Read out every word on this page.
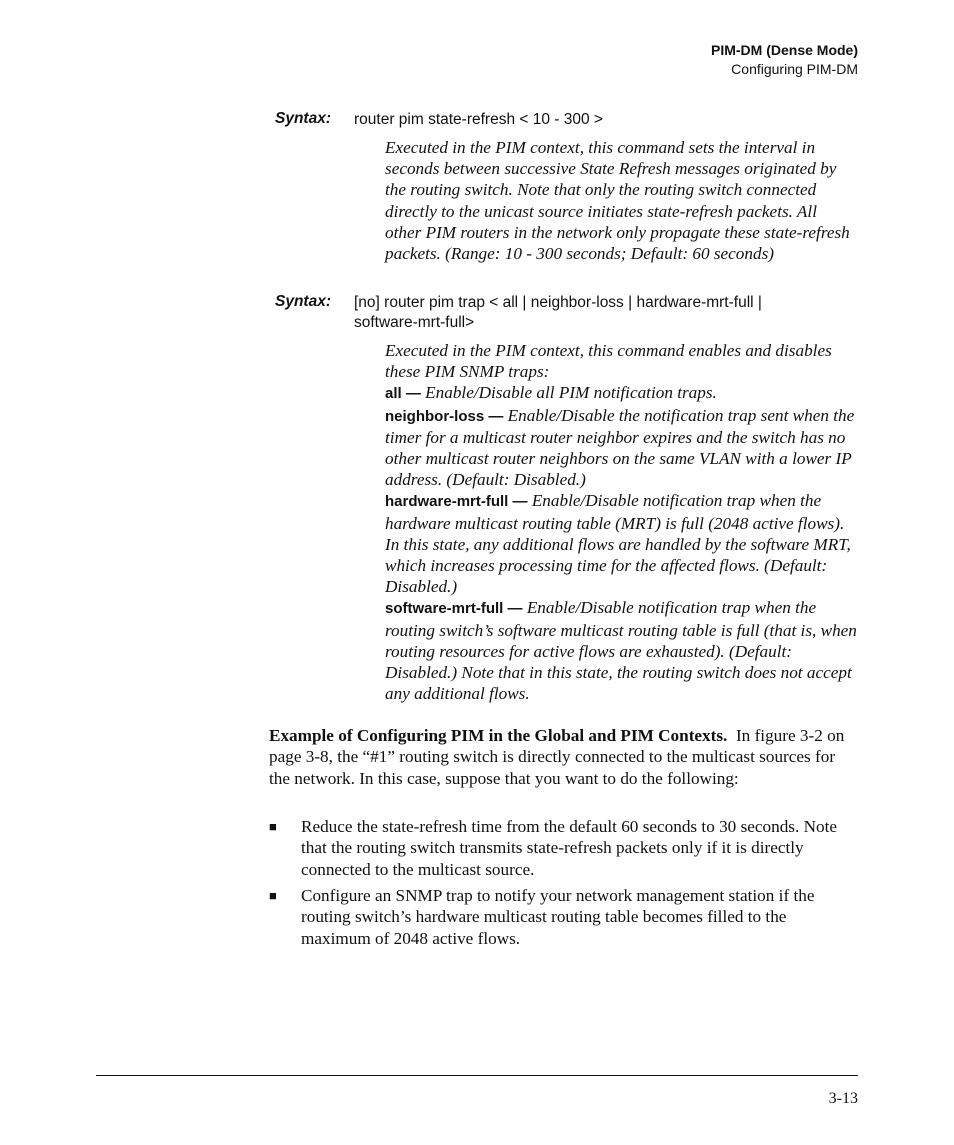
PIM-DM (Dense Mode)
Configuring PIM-DM
Syntax: router pim state-refresh < 10 - 300 >

Executed in the PIM context, this command sets the interval in seconds between successive State Refresh messages originated by the routing switch. Note that only the routing switch connected directly to the unicast source initiates state-refresh packets. All other PIM routers in the network only propagate these state-refresh packets. (Range: 10 - 300 seconds; Default: 60 seconds)

Syntax: [no] router pim trap < all | neighbor-loss | hardware-mrt-full | software-mrt-full>

Executed in the PIM context, this command enables and disables these PIM SNMP traps:

all — Enable/Disable all PIM notification traps.

neighbor-loss — Enable/Disable the notification trap sent when the timer for a multicast router neighbor expires and the switch has no other multicast router neighbors on the same VLAN with a lower IP address. (Default: Disabled.)

hardware-mrt-full — Enable/Disable notification trap when the hardware multicast routing table (MRT) is full (2048 active flows). In this state, any additional flows are handled by the software MRT, which increases processing time for the affected flows. (Default: Disabled.)

software-mrt-full — Enable/Disable notification trap when the routing switch’s software multicast routing table is full (that is, when routing resources for active flows are exhausted). (Default: Disabled.) Note that in this state, the routing switch does not accept any additional flows.

Example of Configuring PIM in the Global and PIM Contexts. In figure 3-2 on page 3-8, the “#1” routing switch is directly connected to the multicast sources for the network. In this case, suppose that you want to do the following:
■ Reduce the state-refresh time from the default 60 seconds to 30 seconds. Note that the routing switch transmits state-refresh packets only if it is directly connected to the multicast source.
■ Configure an SNMP trap to notify your network management station if the routing switch’s hardware multicast routing table becomes filled to the maximum of 2048 active flows.
3-13
